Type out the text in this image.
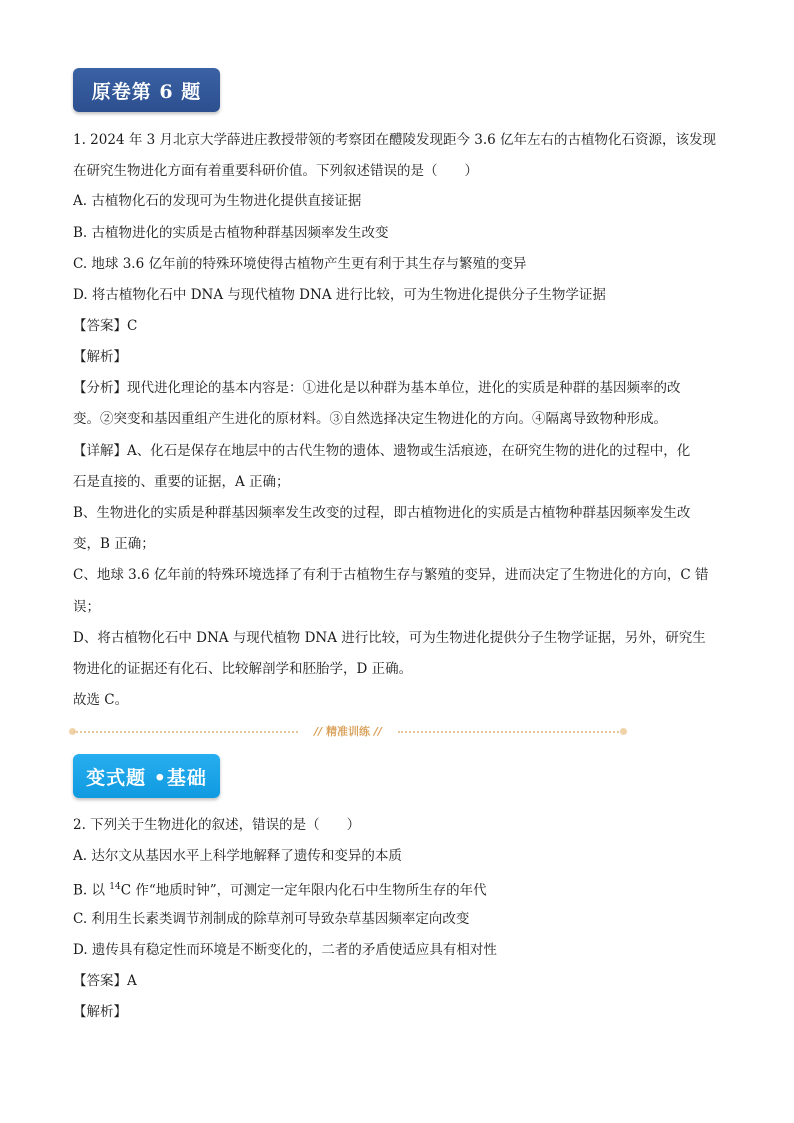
原卷第 6 题
1. 2024 年 3 月北京大学薛进庄教授带领的考察团在醴陵发现距今 3.6 亿年左右的古植物化石资源，该发现
在研究生物进化方面有着重要科研价值。下列叙述错误的是（　　）
A. 古植物化石的发现可为生物进化提供直接证据
B. 古植物进化的实质是古植物种群基因频率发生改变
C. 地球 3.6 亿年前的特殊环境使得古植物产生更有利于其生存与繁殖的变异
D. 将古植物化石中 DNA 与现代植物 DNA 进行比较，可为生物进化提供分子生物学证据
【答案】C
【解析】
【分析】现代进化理论的基本内容是：①进化是以种群为基本单位，进化的实质是种群的基因频率的改
变。②突变和基因重组产生进化的原材料。③自然选择决定生物进化的方向。④隔离导致物种形成。
【详解】A、化石是保存在地层中的古代生物的遗体、遗物或生活痕迹，在研究生物的进化的过程中，化
石是直接的、重要的证据，A 正确；
B、生物进化的实质是种群基因频率发生改变的过程，即古植物进化的实质是古植物种群基因频率发生改
变，B 正确；
C、地球 3.6 亿年前的特殊环境选择了有利于古植物生存与繁殖的变异，进而决定了生物进化的方向，C 错
误；
D、将古植物化石中 DNA 与现代植物 DNA 进行比较，可为生物进化提供分子生物学证据，另外，研究生
物进化的证据还有化石、比较解剖学和胚胎学，D 正确。
故选 C。
// 精准训练 //
变式题 •基础
2. 下列关于生物进化的叙述，错误的是（　　）
A. 达尔文从基因水平上科学地解释了遗传和变异的本质
B. 以 $^{14}$C 作“地质时钟”，可测定一定年限内化石中生物所生存的年代
C. 利用生长素类调节剂制成的除草剂可导致杂草基因频率定向改变
D. 遗传具有稳定性而环境是不断变化的，二者的矛盾使适应具有相对性
【答案】A
【解析】
